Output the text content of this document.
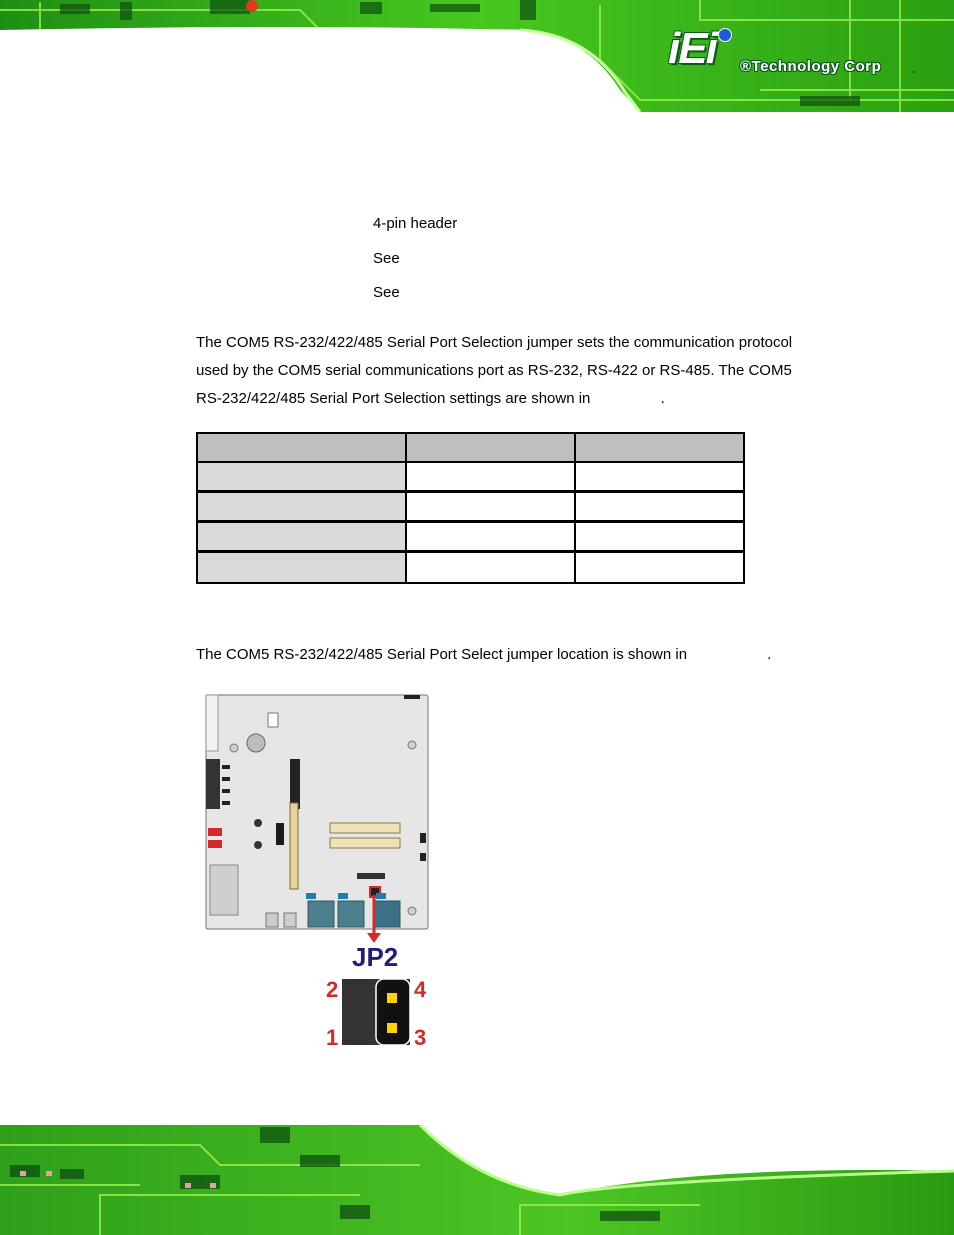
iEi ®Technology Corp .
4-pin header
See
See
The COM5 RS-232/422/485 Serial Port Selection jumper sets the communication protocol
used by the COM5 serial communications port as RS-232, RS-422 or RS-485. The COM5
RS-232/422/485 Serial Port Selection settings are shown in	.
The COM5 RS-232/422/485 Serial Port Select jumper location is shown in	.
JP2
2	4
1	3
